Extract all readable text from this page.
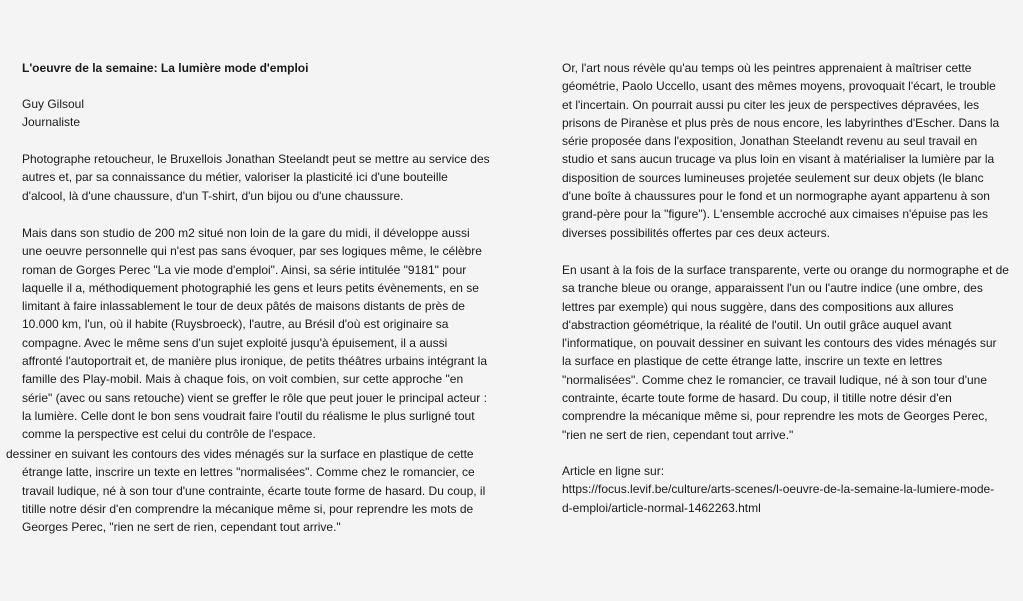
L'oeuvre de la semaine: La lumière mode d'emploi
Guy Gilsoul
Journaliste

Photographe retoucheur, le Bruxellois Jonathan Steelandt peut se mettre au service des
autres et, par sa connaissance du métier, valoriser la plasticité ici d'une bouteille
d'alcool, là d'une chaussure, d'un T-shirt, d'un bijou ou d'une chaussure.

Mais dans son studio de 200 m2 situé non loin de la gare du midi, il développe aussi
une oeuvre personnelle qui n'est pas sans évoquer, par ses logiques même, le célèbre
roman de Gorges Perec "La vie mode d'emploi". Ainsi, sa série intitulée "9181" pour
laquelle il a, méthodiquement photographié les gens et leurs petits évènements, en se
limitant à faire inlassablement le tour de deux pâtés de maisons distants de près de
10.000 km, l'un, où il habite (Ruysbroeck), l'autre, au Brésil d'où est originaire sa
compagne. Avec le même sens d'un sujet exploité jusqu'à épuisement, il a aussi
affronté l'autoportrait et, de manière plus ironique, de petits théâtres urbains intégrant la
famille des Play-mobil. Mais à chaque fois, on voit combien, sur cette approche "en
série" (avec ou sans retouche) vient se greffer le rôle que peut jouer le principal acteur :
la lumière. Celle dont le bon sens voudrait faire l'outil du réalisme le plus surligné tout
comme la perspective est celui du contrôle de l'espace.

dessiner en suivant les contours des vides ménagés sur la surface en plastique de cette
étrange latte, inscrire un texte en lettres "normalisées". Comme chez le romancier, ce
travail ludique, né à son tour d'une contrainte, écarte toute forme de hasard. Du coup, il
titille notre désir d'en comprendre la mécanique même si, pour reprendre les mots de
Georges Perec, "rien ne sert de rien, cependant tout arrive."

Or, l'art nous révèle qu'au temps où les peintres apprenaient à maîtriser cette
géométrie, Paolo Uccello, usant des mêmes moyens, provoquait l'écart, le trouble
et l'incertain. On pourrait aussi pu citer les jeux de perspectives dépravées, les
prisons de Piranèse et plus près de nous encore, les labyrinthes d'Escher. Dans la
série proposée dans l'exposition, Jonathan Steelandt revenu au seul travail en
studio et sans aucun trucage va plus loin en visant à matérialiser la lumière par la
disposition de sources lumineuses projetée seulement sur deux objets (le blanc
d'une boîte à chaussures pour le fond et un normographe ayant appartenu à son
grand-père pour la "figure"). L'ensemble accroché aux cimaises n'épuise pas les
diverses possibilités offertes par ces deux acteurs.

En usant à la fois de la surface transparente, verte ou orange du normographe et de
sa tranche bleue ou orange, apparaissent l'un ou l'autre indice (une ombre, des
lettres par exemple) qui nous suggère, dans des compositions aux allures
d'abstraction géométrique, la réalité de l'outil. Un outil grâce auquel avant
l'informatique, on pouvait dessiner en suivant les contours des vides ménagés sur
la surface en plastique de cette étrange latte, inscrire un texte en lettres
"normalisées". Comme chez le romancier, ce travail ludique, né à son tour d'une
contrainte, écarte toute forme de hasard. Du coup, il titille notre désir d'en
comprendre la mécanique même si, pour reprendre les mots de Georges Perec,
"rien ne sert de rien, cependant tout arrive."

Article en ligne sur:
https://focus.levif.be/culture/arts-scenes/l-oeuvre-de-la-semaine-la-lumiere-mode-
d-emploi/article-normal-1462263.html
